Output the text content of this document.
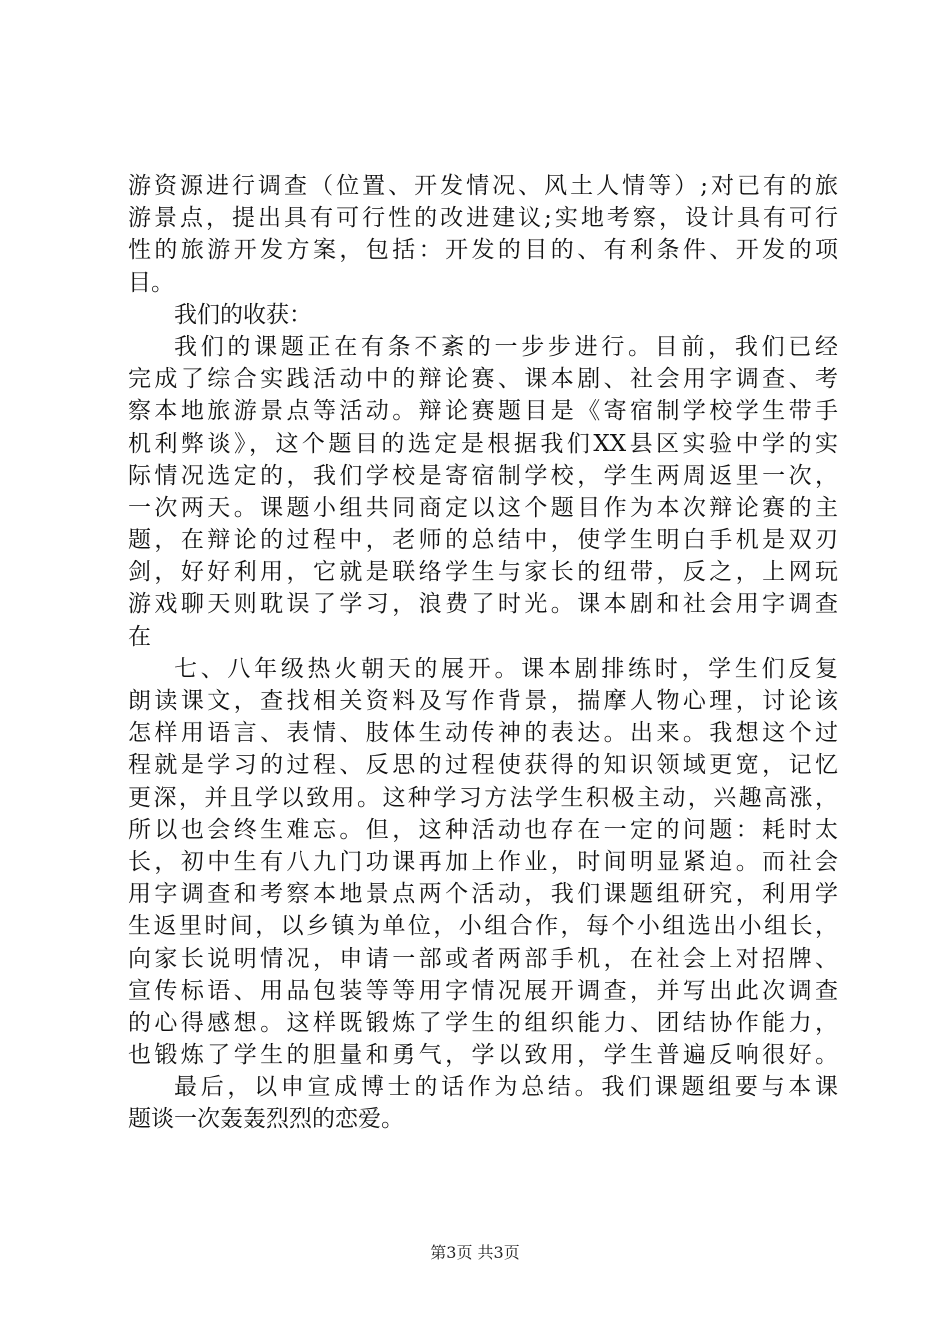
游资源进行调查（位置、开发情况、风土人情等）;对已有的旅
游景点，提出具有可行性的改进建议;实地考察，设计具有可行
性的旅游开发方案，包括：开发的目的、有利条件、开发的项
目。
我们的收获：
我们的课题正在有条不紊的一步步进行。目前，我们已经
完成了综合实践活动中的辩论赛、课本剧、社会用字调查、考
察本地旅游景点等活动。辩论赛题目是《寄宿制学校学生带手
机利弊谈》，这个题目的选定是根据我们XX县区实验中学的实
际情况选定的，我们学校是寄宿制学校，学生两周返里一次，
一次两天。课题小组共同商定以这个题目作为本次辩论赛的主
题，在辩论的过程中，老师的总结中，使学生明白手机是双刃
剑，好好利用，它就是联络学生与家长的纽带，反之，上网玩
游戏聊天则耽误了学习，浪费了时光。课本剧和社会用字调查
在
七、八年级热火朝天的展开。课本剧排练时，学生们反复
朗读课文，查找相关资料及写作背景，揣摩人物心理，讨论该
怎样用语言、表情、肢体生动传神的表达。出来。我想这个过
程就是学习的过程、反思的过程使获得的知识领域更宽，记忆
更深，并且学以致用。这种学习方法学生积极主动，兴趣高涨，
所以也会终生难忘。但，这种活动也存在一定的问题：耗时太
长，初中生有八九门功课再加上作业，时间明显紧迫。而社会
用字调查和考察本地景点两个活动，我们课题组研究，利用学
生返里时间，以乡镇为单位，小组合作，每个小组选出小组长，
向家长说明情况，申请一部或者两部手机，在社会上对招牌、
宣传标语、用品包装等等用字情况展开调查，并写出此次调查
的心得感想。这样既锻炼了学生的组织能力、团结协作能力，
也锻炼了学生的胆量和勇气，学以致用，学生普遍反响很好。
最后，以申宣成博士的话作为总结。我们课题组要与本课
题谈一次轰轰烈烈的恋爱。
第3页 共3页
